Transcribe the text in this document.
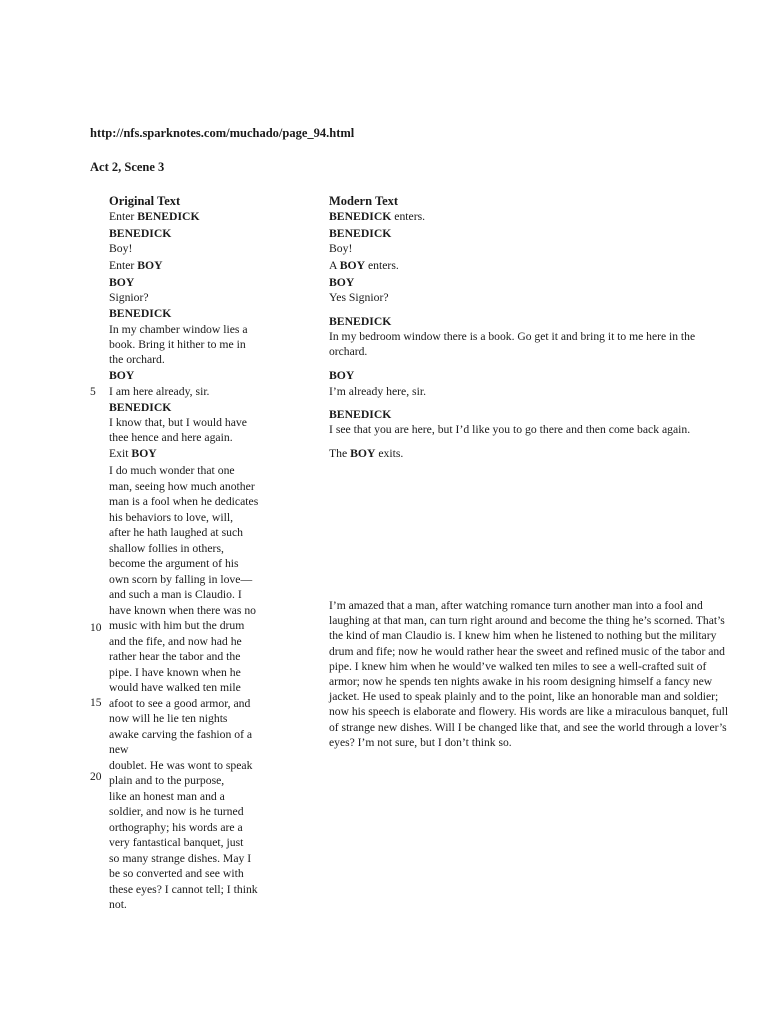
http://nfs.sparknotes.com/muchado/page_94.html
Act 2, Scene 3
Original Text
Enter BENEDICK
BENEDICK
Boy!
Enter BOY
BOY
Signior?
BENEDICK
In my chamber window lies a
book. Bring it hither to me in
the orchard.
BOY
I am here already, sir.
BENEDICK
I know that, but I would have
thee hence and here again.
Exit BOY
I do much wonder that one
man, seeing how much another
man is a fool when he dedicates
his behaviors to love, will,
after he hath laughed at such
shallow follies in others,
become the argument of his
own scorn by falling in love—
and such a man is Claudio. I
have known when there was no
music with him but the drum
and the fife, and now had he
rather hear the tabor and the
pipe. I have known when he
would have walked ten mile
afoot to see a good armor, and
now will he lie ten nights
awake carving the fashion of a
new
doublet. He was wont to speak
plain and to the purpose,
like an honest man and a
soldier, and now is he turned
orthography; his words are a
very fantastical banquet, just
so many strange dishes. May I
be so converted and see with
these eyes? I cannot tell; I think
not.
5
10
15
20
Modern Text
BENEDICK enters.
BENEDICK
Boy!
A BOY enters.
BOY
Yes Signior?
BENEDICK
In my bedroom window there is a book. Go get it and bring it to me here in the orchard.
BOY
I’m already here, sir.
BENEDICK
I see that you are here, but I’d like you to go there and then come back again.
The BOY exits.
I’m amazed that a man, after watching romance turn another man into a fool and laughing at that man, can turn right around and become the thing he’s scorned. That’s the kind of man Claudio is. I knew him when he listened to nothing but the military drum and fife; now he would rather hear the sweet and refined music of the tabor and pipe. I knew him when he would’ve walked ten miles to see a well-crafted suit of armor; now he spends ten nights awake in his room designing himself a fancy new jacket. He used to speak plainly and to the point, like an honorable man and soldier; now his speech is elaborate and flowery. His words are like a miraculous banquet, full of strange new dishes. Will I be changed like that, and see the world through a lover’s eyes? I’m not sure, but I don’t think so.
